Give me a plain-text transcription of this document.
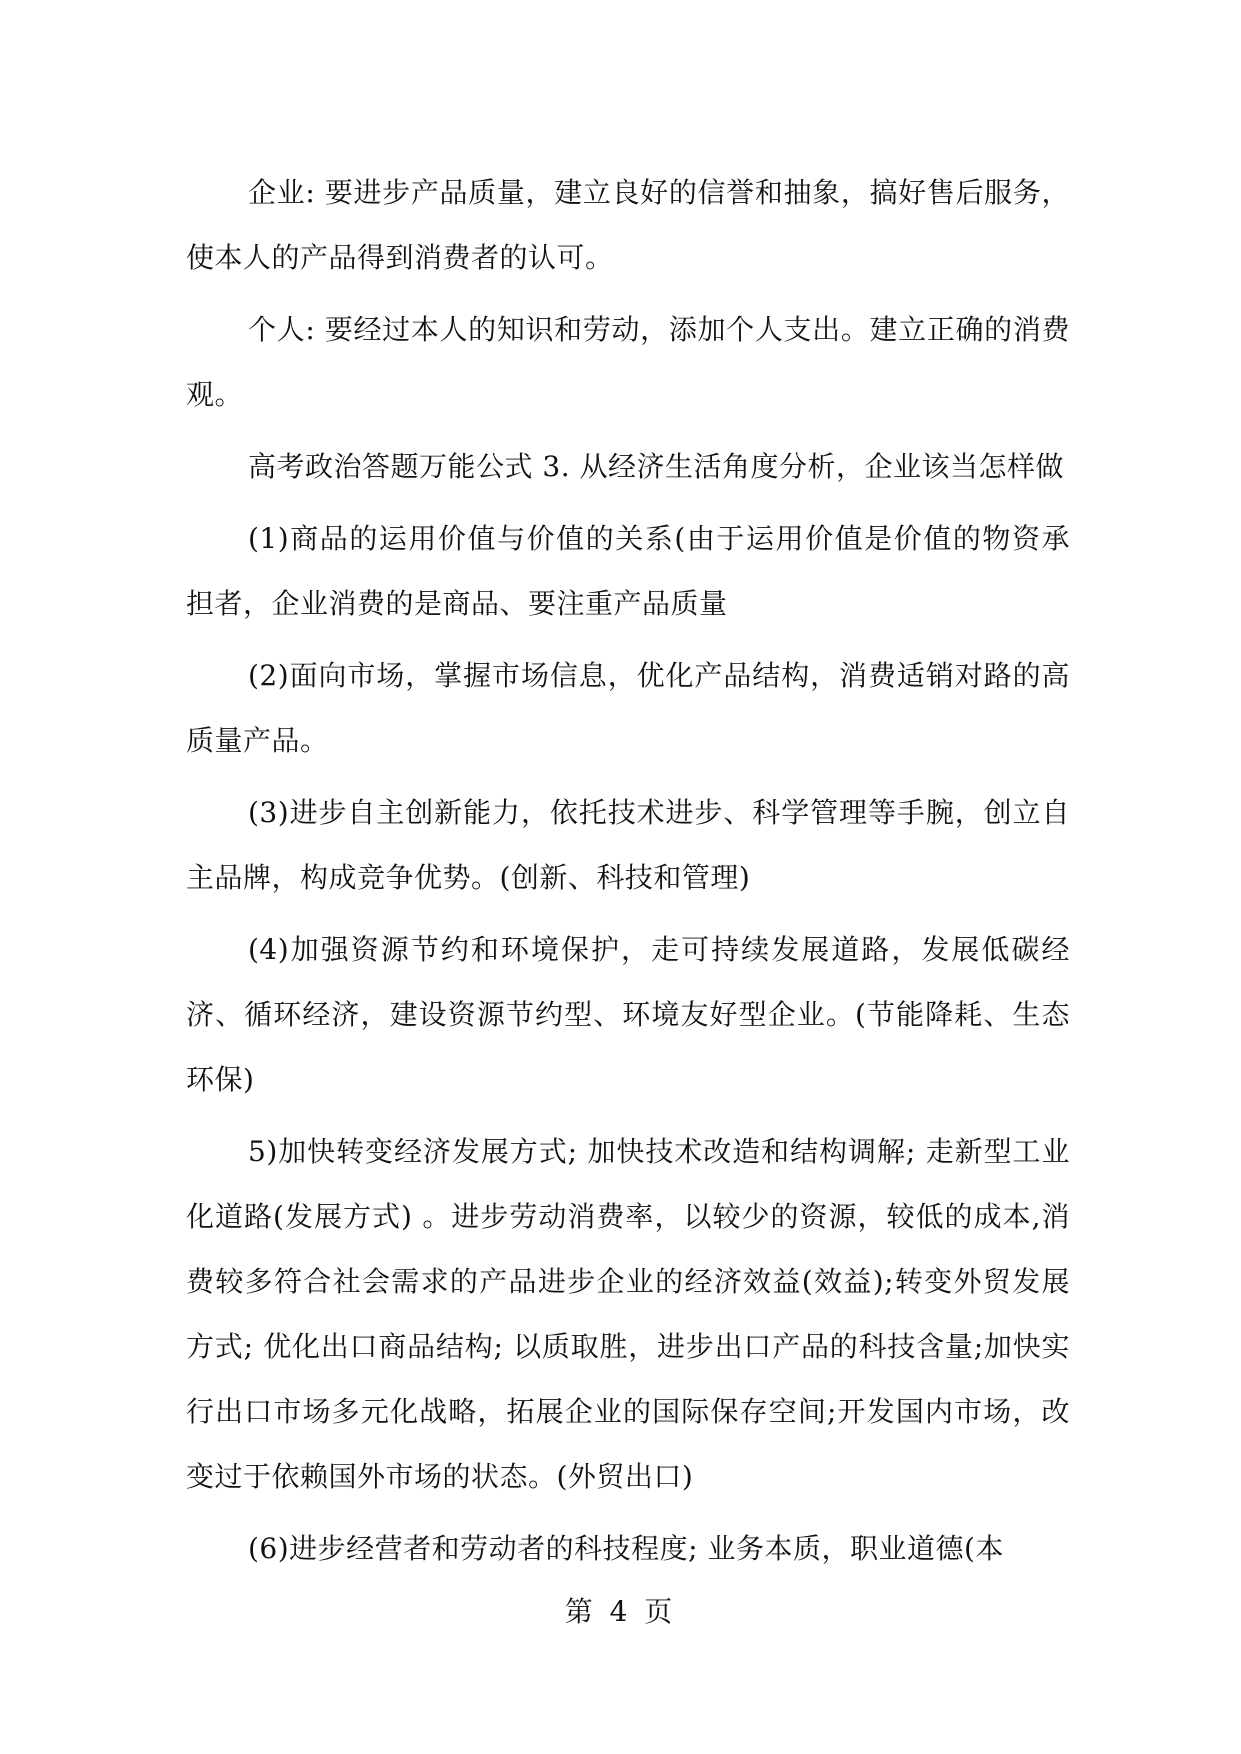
企业: 要进步产品质量，建立良好的信誉和抽象，搞好售后服务，使本人的产品得到消费者的认可。

个人: 要经过本人的知识和劳动，添加个人支出。建立正确的消费观。

高考政治答题万能公式 3. 从经济生活角度分析，企业该当怎样做

(1)商品的运用价值与价值的关系(由于运用价值是价值的物资承担者，企业消费的是商品、要注重产品质量

(2)面向市场，掌握市场信息，优化产品结构，消费适销对路的高质量产品。

(3)进步自主创新能力，依托技术进步、科学管理等手腕，创立自主品牌，构成竞争优势。(创新、科技和管理)

(4)加强资源节约和环境保护，走可持续发展道路，发展低碳经济、循环经济，建设资源节约型、环境友好型企业。(节能降耗、生态环保)

5)加快转变经济发展方式; 加快技术改造和结构调解; 走新型工业化道路(发展方式) 。进步劳动消费率，以较少的资源，较低的成本,消费较多符合社会需求的产品进步企业的经济效益(效益);转变外贸发展方式; 优化出口商品结构; 以质取胜，进步出口产品的科技含量;加快实行出口市场多元化战略，拓展企业的国际保存空间;开发国内市场，改变过于依赖国外市场的状态。(外贸出口)

(6)进步经营者和劳动者的科技程度; 业务本质，职业道德(本

第 4 页
